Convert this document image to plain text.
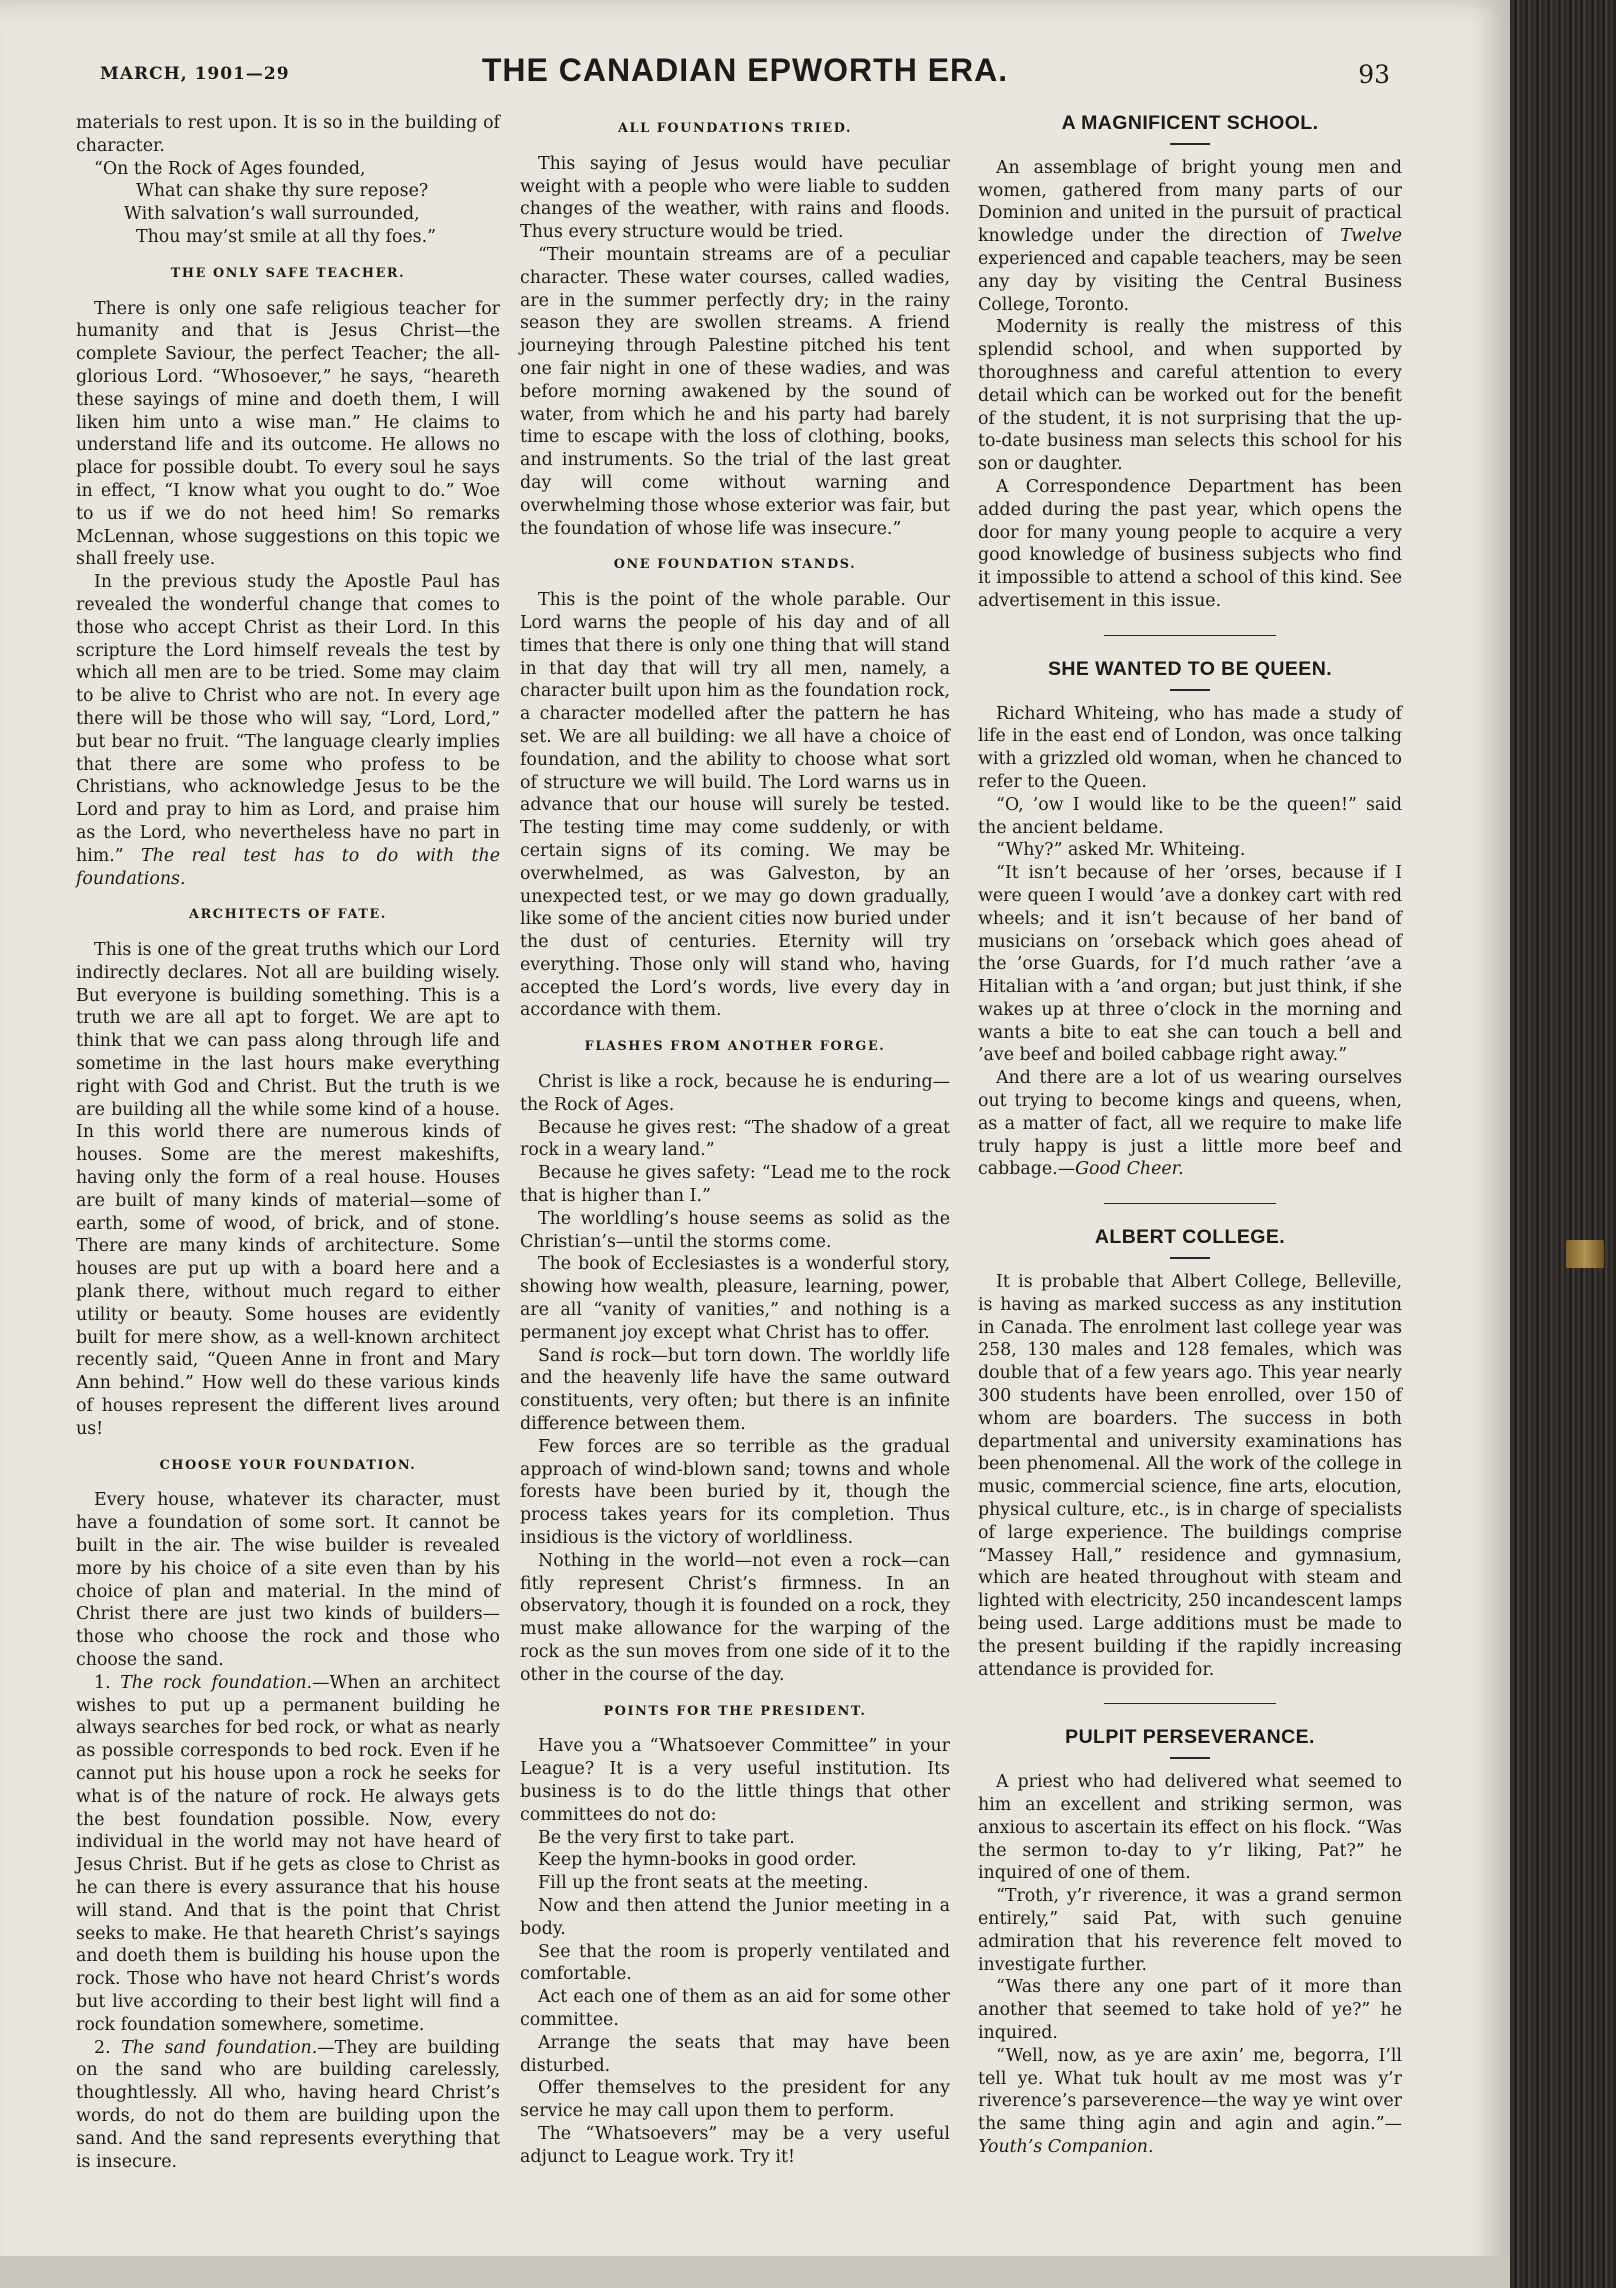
MARCH, 1901—29	THE CANADIAN EPWORTH ERA.	93

materials to rest upon. It is so in the building of character.

“On the Rock of Ages founded,
What can shake thy sure repose?
With salvation’s wall surrounded,
Thou may’st smile at all thy foes.”
THE ONLY SAFE TEACHER.

There is only one safe religious teacher for humanity and that is Jesus Christ—the complete Saviour, the perfect Teacher; the all-glorious Lord. “Whosoever,” he says, “heareth these sayings of mine and doeth them, I will liken him unto a wise man.” He claims to understand life and its outcome. He allows no place for possible doubt. To every soul he says in effect, “I know what you ought to do.” Woe to us if we do not heed him! So remarks McLennan, whose suggestions on this topic we shall freely use.

In the previous study the Apostle Paul has revealed the wonderful change that comes to those who accept Christ as their Lord. In this scripture the Lord himself reveals the test by which all men are to be tried. Some may claim to be alive to Christ who are not. In every age there will be those who will say, “Lord, Lord,” but bear no fruit. “The language clearly implies that there are some who profess to be Christians, who acknowledge Jesus to be the Lord and pray to him as Lord, and praise him as the Lord, who nevertheless have no part in him.” The real test has to do with the foundations.

ARCHITECTS OF FATE.

This is one of the great truths which our Lord indirectly declares. Not all are building wisely. But everyone is building something. This is a truth we are all apt to forget. We are apt to think that we can pass along through life and sometime in the last hours make everything right with God and Christ. But the truth is we are building all the while some kind of a house. In this world there are numerous kinds of houses. Some are the merest makeshifts, having only the form of a real house. Houses are built of many kinds of material—some of earth, some of wood, of brick, and of stone. There are many kinds of architecture. Some houses are put up with a board here and a plank there, without much regard to either utility or beauty. Some houses are evidently built for mere show, as a well-known architect recently said, “Queen Anne in front and Mary Ann behind.” How well do these various kinds of houses represent the different lives around us!

CHOOSE YOUR FOUNDATION.

Every house, whatever its character, must have a foundation of some sort. It cannot be built in the air. The wise builder is revealed more by his choice of a site even than by his choice of plan and material. In the mind of Christ there are just two kinds of builders—those who choose the rock and those who choose the sand.

1. The rock foundation.—When an architect wishes to put up a permanent building he always searches for bed rock, or what as nearly as possible corresponds to bed rock. Even if he cannot put his house upon a rock he seeks for what is of the nature of rock. He always gets the best foundation possible. Now, every individual in the world may not have heard of Jesus Christ. But if he gets as close to Christ as he can there is every assurance that his house will stand. And that is the point that Christ seeks to make. He that heareth Christ’s sayings and doeth them is building his house upon the rock. Those who have not heard Christ’s words but live according to their best light will find a rock foundation somewhere, sometime.

2. The sand foundation.—They are building on the sand who are building carelessly, thoughtlessly. All who, having heard Christ’s words, do not do them are building upon the sand. And the sand represents everything that is insecure.

ALL FOUNDATIONS TRIED.

This saying of Jesus would have peculiar weight with a people who were liable to sudden changes of the weather, with rains and floods. Thus every structure would be tried.

“Their mountain streams are of a peculiar character. These water courses, called wadies, are in the summer perfectly dry; in the rainy season they are swollen streams. A friend journeying through Palestine pitched his tent one fair night in one of these wadies, and was before morning awakened by the sound of water, from which he and his party had barely time to escape with the loss of clothing, books, and instruments. So the trial of the last great day will come without warning and overwhelming those whose exterior was fair, but the foundation of whose life was insecure.”

ONE FOUNDATION STANDS.

This is the point of the whole parable. Our Lord warns the people of his day and of all times that there is only one thing that will stand in that day that will try all men, namely, a character built upon him as the foundation rock, a character modelled after the pattern he has set. We are all building: we all have a choice of foundation, and the ability to choose what sort of structure we will build. The Lord warns us in advance that our house will surely be tested. The testing time may come suddenly, or with certain signs of its coming. We may be overwhelmed, as was Galveston, by an unexpected test, or we may go down gradually, like some of the ancient cities now buried under the dust of centuries. Eternity will try everything. Those only will stand who, having accepted the Lord’s words, live every day in accordance with them.

FLASHES FROM ANOTHER FORGE.

Christ is like a rock, because he is enduring—the Rock of Ages.

Because he gives rest: “The shadow of a great rock in a weary land.”

Because he gives safety: “Lead me to the rock that is higher than I.”

The worldling’s house seems as solid as the Christian’s—until the storms come.

The book of Ecclesiastes is a wonderful story, showing how wealth, pleasure, learning, power, are all “vanity of vanities,” and nothing is a permanent joy except what Christ has to offer.

Sand is rock—but torn down. The worldly life and the heavenly life have the same outward constituents, very often; but there is an infinite difference between them.

Few forces are so terrible as the gradual approach of wind-blown sand; towns and whole forests have been buried by it, though the process takes years for its completion. Thus insidious is the victory of worldliness.

Nothing in the world—not even a rock—can fitly represent Christ’s firmness. In an observatory, though it is founded on a rock, they must make allowance for the warping of the rock as the sun moves from one side of it to the other in the course of the day.

POINTS FOR THE PRESIDENT.

Have you a “Whatsoever Committee” in your League? It is a very useful institution. Its business is to do the little things that other committees do not do:

Be the very first to take part.

Keep the hymn-books in good order.

Fill up the front seats at the meeting.

Now and then attend the Junior meeting in a body.

See that the room is properly ventilated and comfortable.

Act each one of them as an aid for some other committee.

Arrange the seats that may have been disturbed.

Offer themselves to the president for any service he may call upon them to perform.

The “Whatsoevers” may be a very useful adjunct to League work. Try it!

A MAGNIFICENT SCHOOL.

An assemblage of bright young men and women, gathered from many parts of our Dominion and united in the pursuit of practical knowledge under the direction of Twelve experienced and capable teachers, may be seen any day by visiting the Central Business College, Toronto.

Modernity is really the mistress of this splendid school, and when supported by thoroughness and careful attention to every detail which can be worked out for the benefit of the student, it is not surprising that the up-to-date business man selects this school for his son or daughter.

A Correspondence Department has been added during the past year, which opens the door for many young people to acquire a very good knowledge of business subjects who find it impossible to attend a school of this kind. See advertisement in this issue.

SHE WANTED TO BE QUEEN.

Richard Whiteing, who has made a study of life in the east end of London, was once talking with a grizzled old woman, when he chanced to refer to the Queen.

“O, ’ow I would like to be the queen!” said the ancient beldame.

“Why?” asked Mr. Whiteing.

“It isn’t because of her ’orses, because if I were queen I would ’ave a donkey cart with red wheels; and it isn’t because of her band of musicians on ’orseback which goes ahead of the ’orse Guards, for I’d much rather ’ave a Hitalian with a ’and organ; but just think, if she wakes up at three o’clock in the morning and wants a bite to eat she can touch a bell and ’ave beef and boiled cabbage right away.”

And there are a lot of us wearing ourselves out trying to become kings and queens, when, as a matter of fact, all we require to make life truly happy is just a little more beef and cabbage.—Good Cheer.

ALBERT COLLEGE.

It is probable that Albert College, Belleville, is having as marked success as any institution in Canada. The enrolment last college year was 258, 130 males and 128 females, which was double that of a few years ago. This year nearly 300 students have been enrolled, over 150 of whom are boarders. The success in both departmental and university examinations has been phenomenal. All the work of the college in music, commercial science, fine arts, elocution, physical culture, etc., is in charge of specialists of large experience. The buildings comprise “Massey Hall,” residence and gymnasium, which are heated throughout with steam and lighted with electricity, 250 incandescent lamps being used. Large additions must be made to the present building if the rapidly increasing attendance is provided for.

PULPIT PERSEVERANCE.

A priest who had delivered what seemed to him an excellent and striking sermon, was anxious to ascertain its effect on his flock. “Was the sermon to-day to y’r liking, Pat?” he inquired of one of them.

“Troth, y’r riverence, it was a grand sermon entirely,” said Pat, with such genuine admiration that his reverence felt moved to investigate further.

“Was there any one part of it more than another that seemed to take hold of ye?” he inquired.

“Well, now, as ye are axin’ me, begorra, I’ll tell ye. What tuk hoult av me most was y’r riverence’s parseverence—the way ye wint over the same thing agin and agin and agin.”—Youth’s Companion.
